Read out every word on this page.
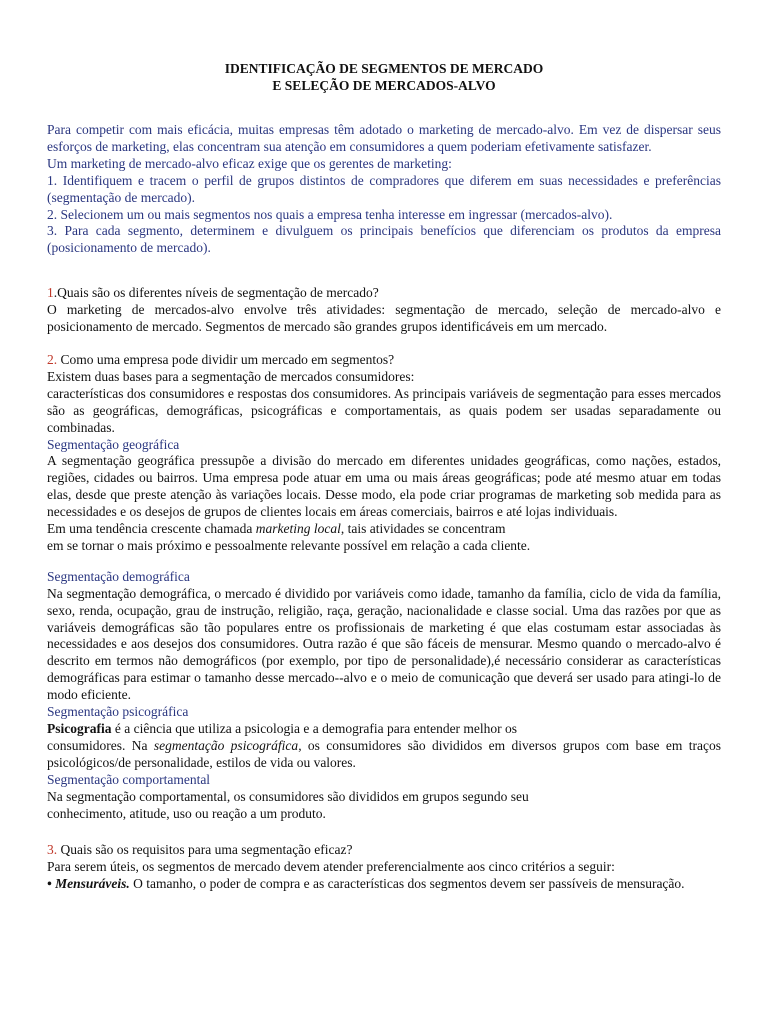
IDENTIFICAÇÃO DE SEGMENTOS DE MERCADO
E SELEÇÃO DE MERCADOS-ALVO

Para competir com mais eficácia, muitas empresas têm adotado o marketing de mercado-alvo. Em vez de dispersar seus esforços de marketing, elas concentram sua atenção em consumidores a quem poderiam efetivamente satisfazer.

Um marketing de mercado-alvo eficaz exige que os gerentes de marketing:

1. Identifiquem e tracem o perfil de grupos distintos de compradores que diferem em suas necessidades e preferências (segmentação de mercado).

2. Selecionem um ou mais segmentos nos quais a empresa tenha interesse em ingressar (mercados-alvo).

3. Para cada segmento, determinem e divulguem os principais benefícios que diferenciam os produtos da empresa (posicionamento de mercado).

1.Quais são os diferentes níveis de segmentação de mercado?

O marketing de mercados-alvo envolve três atividades: segmentação de mercado, seleção de mercado-alvo e posicionamento de mercado. Segmentos de mercado são grandes grupos identificáveis em um mercado.

2. Como uma empresa pode dividir um mercado em segmentos?

Existem duas bases para a segmentação de mercados consumidores:

características dos consumidores e respostas dos consumidores. As principais variáveis de segmentação para esses mercados são as geográficas, demográficas, psicográficas e comportamentais, as quais podem ser usadas separadamente ou combinadas.

Segmentação geográfica

A segmentação geográfica pressupõe a divisão do mercado em diferentes unidades geográficas, como nações, estados, regiões, cidades ou bairros. Uma empresa pode atuar em uma ou mais áreas geográficas; pode até mesmo atuar em todas elas, desde que preste atenção às variações locais. Desse modo, ela pode criar programas de marketing sob medida para as necessidades e os desejos de grupos de clientes locais em áreas comerciais, bairros e até lojas individuais.

Em uma tendência crescente chamada marketing local, tais atividades se concentram

em se tornar o mais próximo e pessoalmente relevante possível em relação a cada cliente.

Segmentação demográfica

Na segmentação demográfica, o mercado é dividido por variáveis como idade, tamanho da família, ciclo de vida da família, sexo, renda, ocupação, grau de instrução, religião, raça, geração, nacionalidade e classe social. Uma das razões por que as variáveis demográficas são tão populares entre os profissionais de marketing é que elas costumam estar associadas às necessidades e aos desejos dos consumidores. Outra razão é que são fáceis de mensurar. Mesmo quando o mercado-alvo é descrito em termos não demográficos (por exemplo, por tipo de personalidade),é necessário considerar as características demográficas para estimar o tamanho desse mercado--alvo e o meio de comunicação que deverá ser usado para atingi-lo de modo eficiente.

Segmentação psicográfica

Psicografia é a ciência que utiliza a psicologia e a demografia para entender melhor os

consumidores. Na segmentação psicográfica, os consumidores são divididos em diversos grupos com base em traços psicológicos/de personalidade, estilos de vida ou valores.

Segmentação comportamental

Na segmentação comportamental, os consumidores são divididos em grupos segundo seu

conhecimento, atitude, uso ou reação a um produto.

3. Quais são os requisitos para uma segmentação eficaz?

Para serem úteis, os segmentos de mercado devem atender preferencialmente aos cinco critérios a seguir:

• Mensuráveis. O tamanho, o poder de compra e as características dos segmentos devem ser passíveis de mensuração.
